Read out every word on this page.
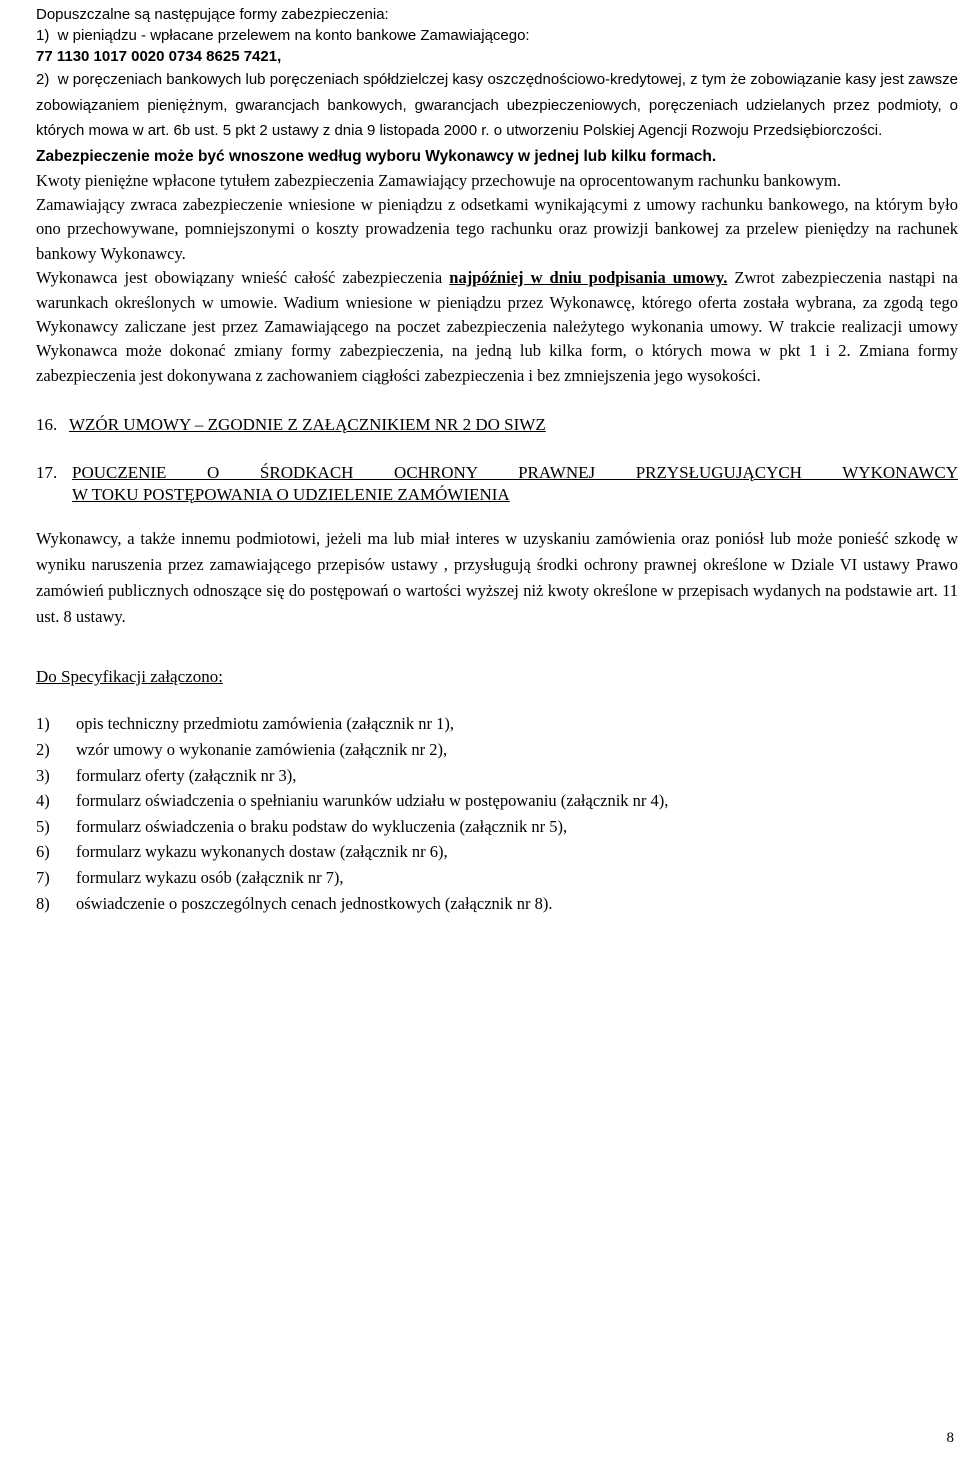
Dopuszczalne są następujące formy zabezpieczenia:
1)  w pieniądzu - wpłacane przelewem na konto bankowe Zamawiającego:
77 1130 1017 0020 0734 8625 7421,

2)  w poręczeniach bankowych lub poręczeniach spółdzielczej kasy oszczędnościowo-kredytowej, z tym że zobowiązanie kasy jest zawsze zobowiązaniem pieniężnym, gwarancjach bankowych, gwarancjach ubezpieczeniowych, poręczeniach udzielanych przez podmioty, o których mowa w art. 6b ust. 5 pkt 2 ustawy z dnia 9 listopada 2000 r. o utworzeniu Polskiej Agencji Rozwoju Przedsiębiorczości.

Zabezpieczenie może być wnoszone według wyboru Wykonawcy w jednej lub kilku formach.

Kwoty pieniężne wpłacone tytułem zabezpieczenia Zamawiający przechowuje na oprocentowanym rachunku bankowym.

Zamawiający zwraca zabezpieczenie wniesione w pieniądzu z odsetkami wynikającymi z umowy rachunku bankowego, na którym było ono przechowywane, pomniejszonymi o koszty prowadzenia tego rachunku oraz prowizji bankowej za przelew pieniędzy na rachunek bankowy Wykonawcy.

Wykonawca jest obowiązany wnieść całość zabezpieczenia najpóźniej w dniu podpisania umowy. Zwrot zabezpieczenia nastąpi na warunkach określonych w umowie. Wadium wniesione w pieniądzu przez Wykonawcę, którego oferta została wybrana, za zgodą tego Wykonawcy zaliczane jest przez Zamawiającego na poczet zabezpieczenia należytego wykonania umowy. W trakcie realizacji umowy Wykonawca może dokonać zmiany formy zabezpieczenia, na jedną lub kilka form, o których mowa w pkt 1 i 2. Zmiana formy zabezpieczenia jest dokonywana z zachowaniem ciągłości zabezpieczenia i bez zmniejszenia jego wysokości.

16. WZÓR UMOWY – ZGODNIE Z ZAŁĄCZNIKIEM NR 2 DO SIWZ
17. POUCZENIE O ŚRODKACH OCHRONY PRAWNEJ PRZYSŁUGUJĄCYCH WYKONAWCY
W TOKU POSTĘPOWANIA O UDZIELENIE ZAMÓWIENIA

Wykonawcy, a także innemu podmiotowi, jeżeli ma lub miał interes w uzyskaniu zamówienia oraz poniósł lub może ponieść szkodę w wyniku naruszenia przez zamawiającego przepisów ustawy , przysługują środki ochrony prawnej określone w Dziale VI ustawy Prawo zamówień publicznych odnoszące się do postępowań o wartości wyższej niż kwoty określone w przepisach wydanych na podstawie art. 11 ust. 8 ustawy.

Do Specyfikacji załączono:
1)	opis techniczny przedmiotu zamówienia (załącznik nr 1),
2)	wzór umowy o wykonanie zamówienia (załącznik nr 2),
3)	formularz oferty (załącznik nr 3),
4)	formularz oświadczenia o spełnianiu warunków udziału w postępowaniu (załącznik nr 4),
5)	formularz oświadczenia o braku podstaw do wykluczenia (załącznik nr 5),
6)	formularz wykazu wykonanych dostaw (załącznik nr 6),
7)	formularz wykazu osób (załącznik nr 7),
8)	oświadczenie o poszczególnych cenach jednostkowych (załącznik nr 8).
8
